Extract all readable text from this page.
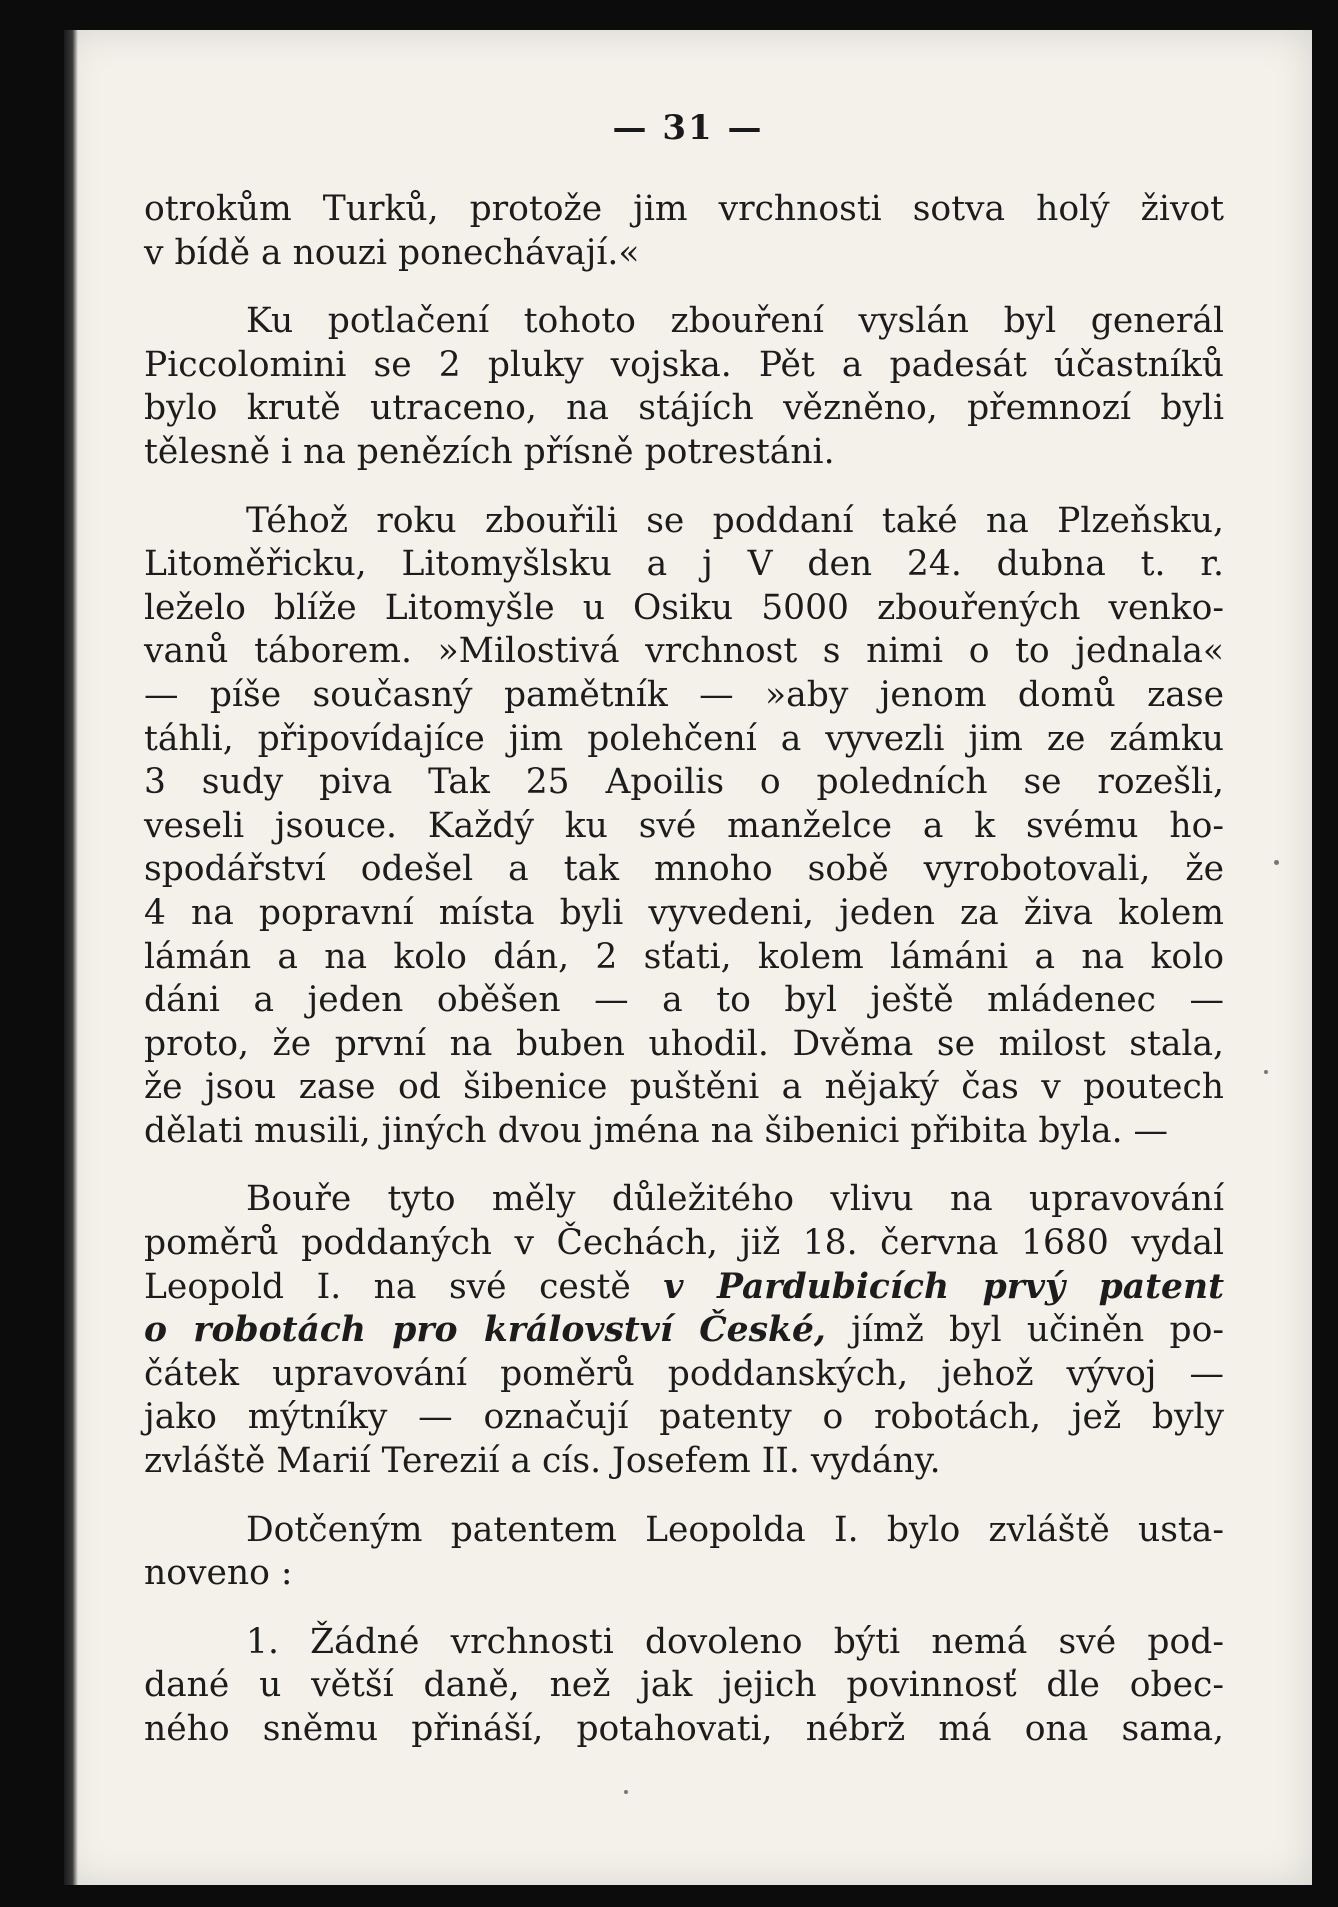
— 31 —

otrokům Turků, protože jim vrchnosti sotva holý život

v bídě a nouzi ponechávají.«

Ku potlačení tohoto zbouření vyslán byl generál

Piccolomini se 2 pluky vojska. Pět a padesát účastníků

bylo krutě utraceno, na stájích vězněno, přemnozí byli

tělesně i na penězích přísně potrestáni.

Téhož roku zbouřili se poddaní také na Plzeňsku,

Litoměřicku, Litomyšlsku a j V den 24. dubna t. r.

leželo blíže Litomyšle u Osiku 5000 zbouřených venko-

vanů táborem. »Milostivá vrchnost s nimi o to jednala«

— píše současný pamětník — »aby jenom domů zase

táhli, připovídajíce jim polehčení a vyvezli jim ze zámku

3 sudy piva Tak 25 Apoilis o poledních se rozešli,

veseli jsouce. Každý ku své manželce a k svému ho-

spodářství odešel a tak mnoho sobě vyrobotovali, že

4 na popravní místa byli vyvedeni, jeden za živa kolem

lámán a na kolo dán, 2 sťati, kolem lámáni a na kolo

dáni a jeden oběšen — a to byl ještě mládenec —

proto, že první na buben uhodil. Dvěma se milost stala,

že jsou zase od šibenice puštěni a nějaký čas v poutech

dělati musili, jiných dvou jména na šibenici přibita byla. —

Bouře tyto měly důležitého vlivu na upravování

poměrů poddaných v Čechách, již 18. června 1680 vydal

Leopold I. na své cestě v Pardubicích prvý patent

o robotách pro království České, jímž byl učiněn po-

čátek upravování poměrů poddanských, jehož vývoj —

jako mýtníky — označují patenty o robotách, jež byly

zvláště Marií Terezií a cís. Josefem II. vydány.

Dotčeným patentem Leopolda I. bylo zvláště usta-

noveno :

1. Žádné vrchnosti dovoleno býti nemá své pod-

dané u větší daně, než jak jejich povinnosť dle obec-

ného sněmu přináší, potahovati, nébrž má ona sama,
